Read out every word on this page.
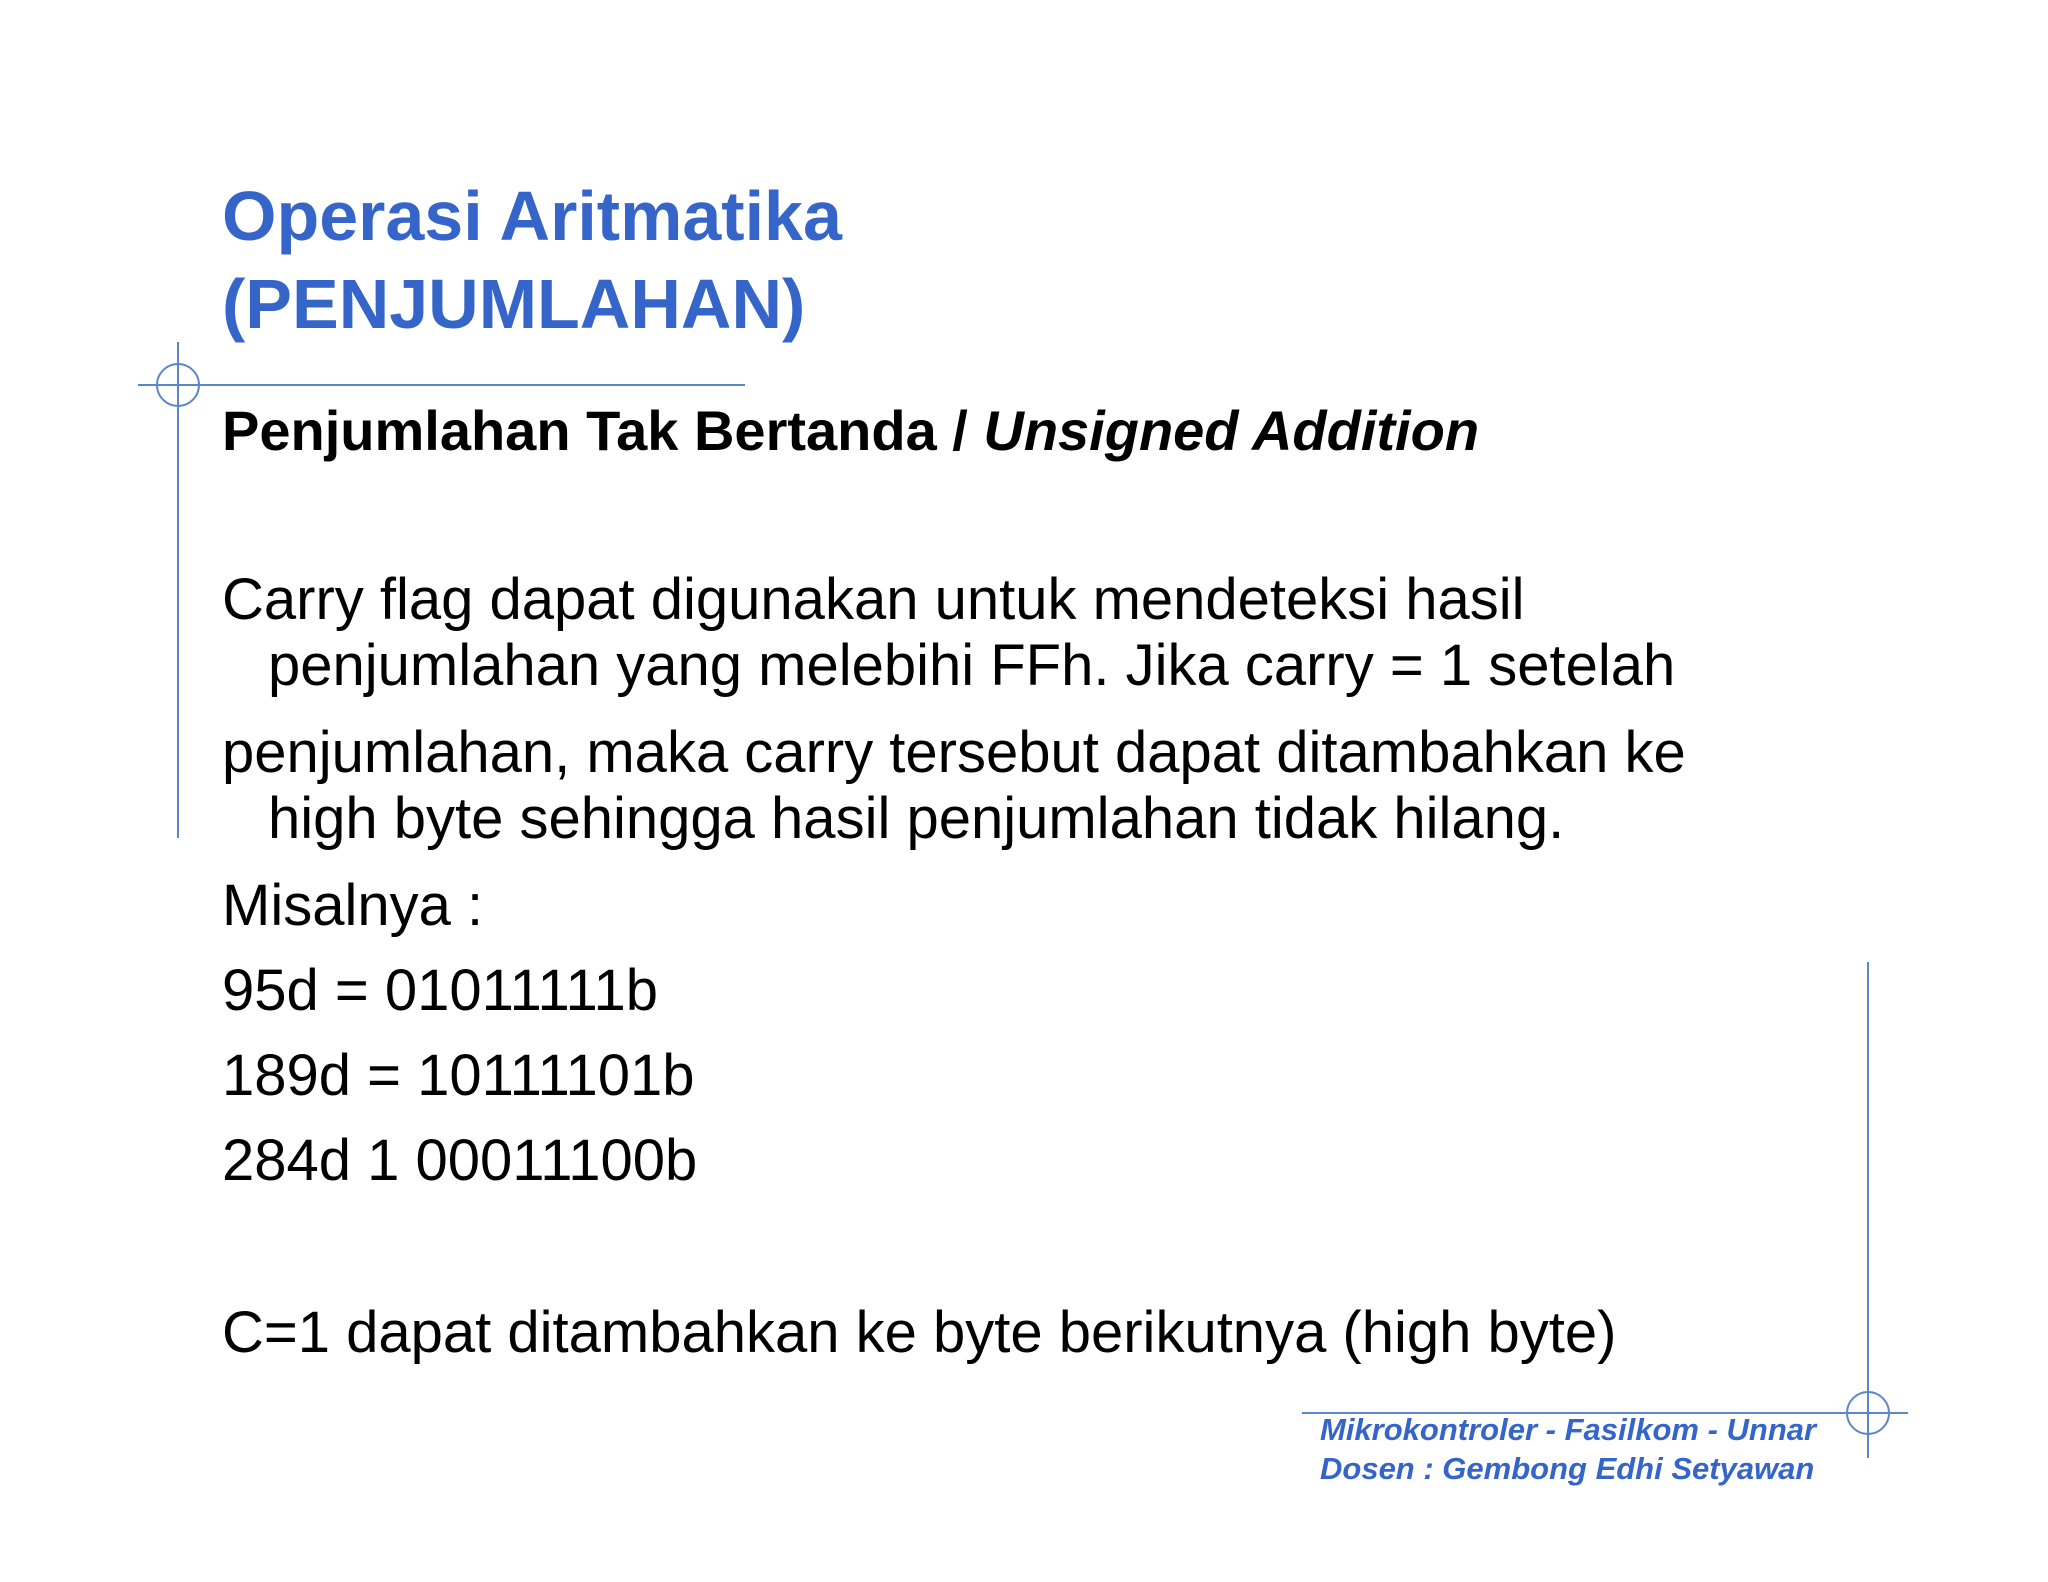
Operasi Aritmatika
(PENJUMLAHAN)
Penjumlahan Tak Bertanda / Unsigned Addition

Carry flag dapat digunakan untuk mendeteksi hasil

penjumlahan yang melebihi FFh. Jika carry = 1 setelah

penjumlahan, maka carry tersebut dapat ditambahkan ke

high byte sehingga hasil penjumlahan tidak hilang.

Misalnya :

95d = 01011111b

189d = 10111101b

284d 1 00011100b

C=1 dapat ditambahkan ke byte berikutnya (high byte)

Mikrokontroler - Fasilkom - Unnar
Dosen : Gembong Edhi Setyawan
